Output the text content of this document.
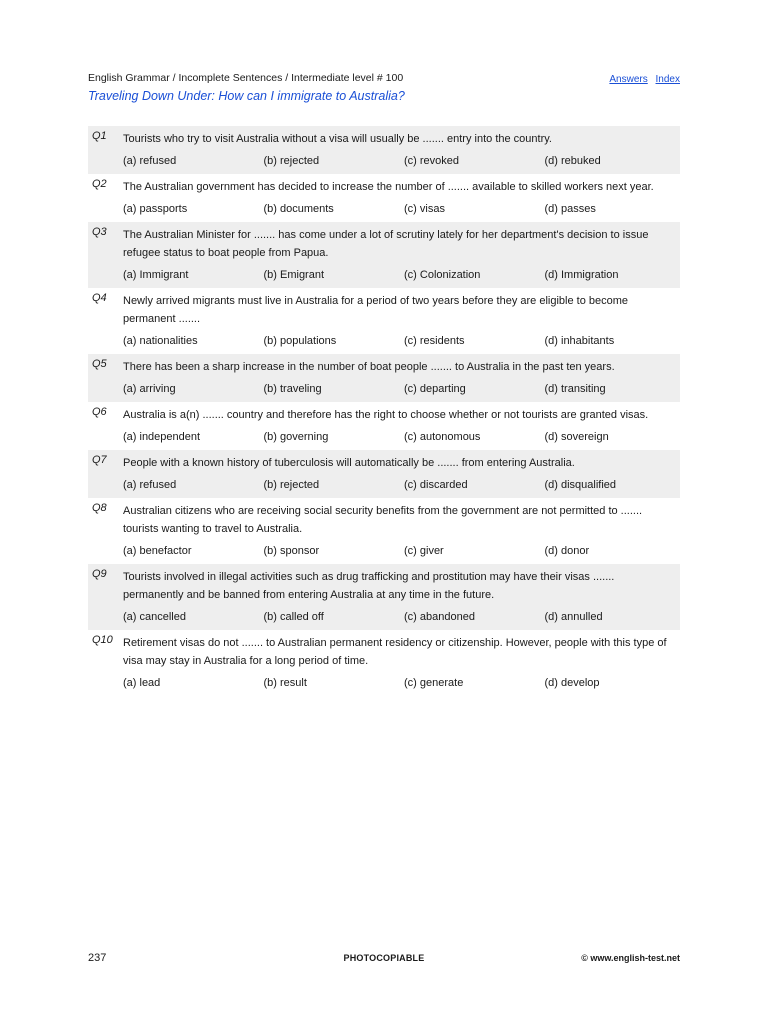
English Grammar / Incomplete Sentences / Intermediate level # 100	Answers Index
Traveling Down Under: How can I immigrate to Australia?
Q1 Tourists who try to visit Australia without a visa will usually be ....... entry into the country.
(a) refused	(b) rejected	(c) revoked	(d) rebuked
Q2 The Australian government has decided to increase the number of ....... available to skilled workers next year.
(a) passports	(b) documents	(c) visas	(d) passes
Q3 The Australian Minister for ....... has come under a lot of scrutiny lately for her department's decision to issue refugee status to boat people from Papua.
(a) Immigrant	(b) Emigrant	(c) Colonization	(d) Immigration
Q4 Newly arrived migrants must live in Australia for a period of two years before they are eligible to become permanent .......
(a) nationalities	(b) populations	(c) residents	(d) inhabitants
Q5 There has been a sharp increase in the number of boat people ....... to Australia in the past ten years.
(a) arriving	(b) traveling	(c) departing	(d) transiting
Q6 Australia is a(n) ....... country and therefore has the right to choose whether or not tourists are granted visas.
(a) independent	(b) governing	(c) autonomous	(d) sovereign
Q7 People with a known history of tuberculosis will automatically be ....... from entering Australia.
(a) refused	(b) rejected	(c) discarded	(d) disqualified
Q8 Australian citizens who are receiving social security benefits from the government are not permitted to ....... tourists wanting to travel to Australia.
(a) benefactor	(b) sponsor	(c) giver	(d) donor
Q9 Tourists involved in illegal activities such as drug trafficking and prostitution may have their visas ....... permanently and be banned from entering Australia at any time in the future.
(a) cancelled	(b) called off	(c) abandoned	(d) annulled
Q10 Retirement visas do not ....... to Australian permanent residency or citizenship. However, people with this type of visa may stay in Australia for a long period of time.
(a) lead	(b) result	(c) generate	(d) develop
237	PHOTOCOPIABLE	© www.english-test.net
